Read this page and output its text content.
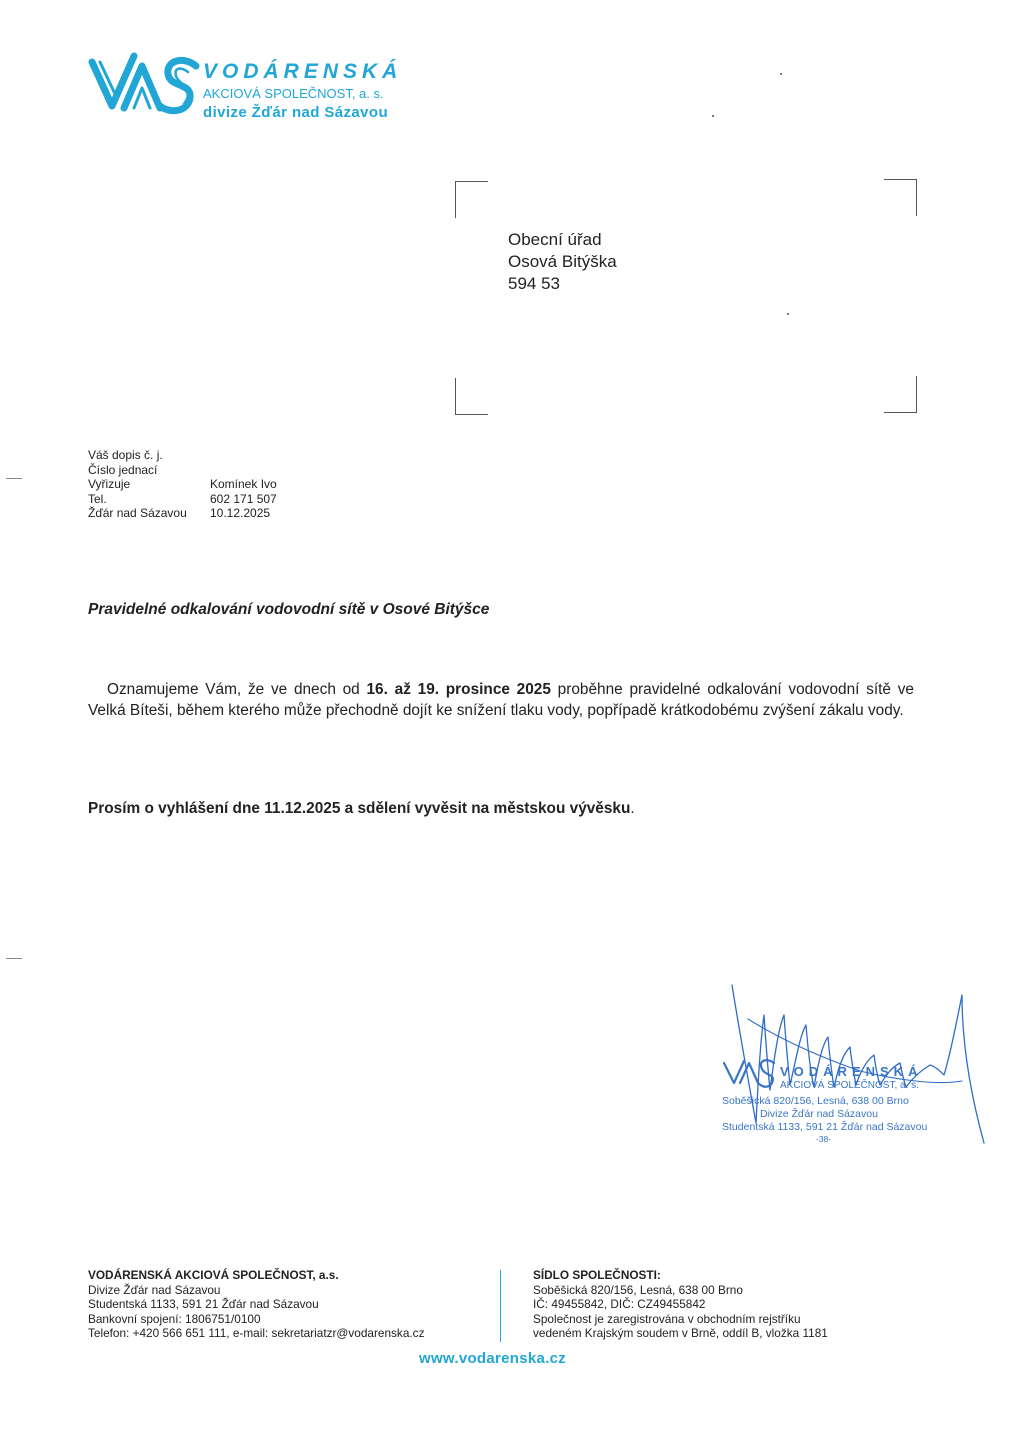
VODÁRENSKÁ
AKCIOVÁ SPOLEČNOST, a. s.
divize Žďár nad Sázavou
Obecní úřad
Osová Bitýška
594 53
Váš dopis č. j.
Číslo jednací
Vyřizuje	Komínek Ivo
Tel.	602 171 507
Žďár nad Sázavou	10.12.2025
Pravidelné odkalování vodovodní sítě v Osové Bitýšce
Oznamujeme Vám, že ve dnech od 16. až 19. prosince 2025 proběhne pravidelné odkalování vodovodní sítě ve Velká Bíteši, během kterého může přechodně dojít ke snížení tlaku vody, popřípadě krátkodobému zvýšení zákalu vody.
Prosím o vyhlášení dne 11.12.2025 a sdělení vyvěsit na městskou vývěsku.
VODÁRENSKÁ
AKCIOVÁ SPOLEČNOST, a. s.
Soběšická 820/156, Lesná, 638 00 Brno
Divize Žďár nad Sázavou
Studentská 1133, 591 21 Žďár nad Sázavou
-38-
VODÁRENSKÁ AKCIOVÁ SPOLEČNOST, a.s.
Divize Žďár nad Sázavou
Studentská 1133, 591 21 Žďár nad Sázavou
Bankovní spojení: 1806751/0100
Telefon: +420 566 651 111, e-mail: sekretariatzr@vodarenska.cz
SÍDLO SPOLEČNOSTI:
Soběšická 820/156, Lesná, 638 00 Brno
IČ: 49455842, DIČ: CZ49455842
Společnost je zaregistrována v obchodním rejstříku
vedeném Krajským soudem v Brně, oddíl B, vložka 1181
www.vodarenska.cz
